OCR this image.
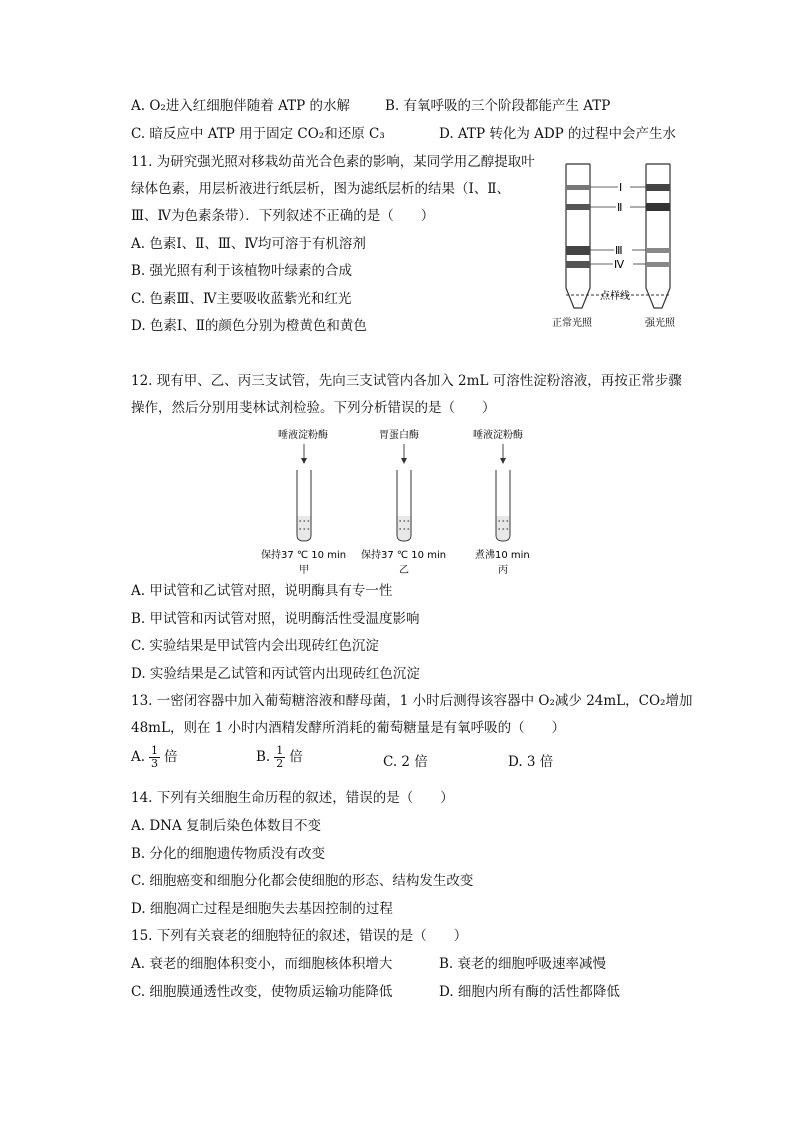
A. O₂进入红细胞伴随着 ATP 的水解	B. 有氧呼吸的三个阶段都能产生 ATP
C. 暗反应中 ATP 用于固定 CO₂和还原 C₃	D. ATP 转化为 ADP 的过程中会产生水
11. 为研究强光照对移栽幼苗光合色素的影响，某同学用乙醇提取叶
绿体色素，用层析液进行纸层析，图为滤纸层析的结果（Ⅰ、Ⅱ、
Ⅲ、Ⅳ为色素条带）．下列叙述不正确的是（　　）
A. 色素Ⅰ、Ⅱ、Ⅲ、Ⅳ均可溶于有机溶剂
B. 强光照有利于该植物叶绿素的合成
C. 色素Ⅲ、Ⅳ主要吸收蓝紫光和红光
D. 色素Ⅰ、Ⅱ的颜色分别为橙黄色和黄色
Ⅰ
Ⅱ
Ⅲ
Ⅳ
点样线
正常光照	强光照
12. 现有甲、乙、丙三支试管，先向三支试管内各加入 2mL 可溶性淀粉溶液，再按正常步骤
操作，然后分别用斐林试剂检验。下列分析错误的是（　　）
唾液淀粉酶
° ° °
° ° °
保持37 ℃ 10 min
甲
胃蛋白酶
° ° °
° ° °
保持37 ℃ 10 min
乙
唾液淀粉酶
° ° °
° ° °
煮沸10 min
丙
A. 甲试管和乙试管对照，说明酶具有专一性
B. 甲试管和丙试管对照，说明酶活性受温度影响
C. 实验结果是甲试管内会出现砖红色沉淀
D. 实验结果是乙试管和丙试管内出现砖红色沉淀
13. 一密闭容器中加入葡萄糖溶液和酵母菌，1 小时后测得该容器中 O₂减少 24mL，CO₂增加
48mL，则在 1 小时内酒精发酵所消耗的葡萄糖量是有氧呼吸的（　　）
A. $\frac{1}{3}$ 倍	B. $\frac{1}{2}$ 倍	C. 2 倍	D. 3 倍
14. 下列有关细胞生命历程的叙述，错误的是（　　）
A. DNA 复制后染色体数目不变
B. 分化的细胞遗传物质没有改变
C. 细胞癌变和细胞分化都会使细胞的形态、结构发生改变
D. 细胞凋亡过程是细胞失去基因控制的过程
15. 下列有关衰老的细胞特征的叙述，错误的是（　　）
A. 衰老的细胞体积变小，而细胞核体积增大	B. 衰老的细胞呼吸速率减慢
C. 细胞膜通透性改变，使物质运输功能降低	D. 细胞内所有酶的活性都降低
